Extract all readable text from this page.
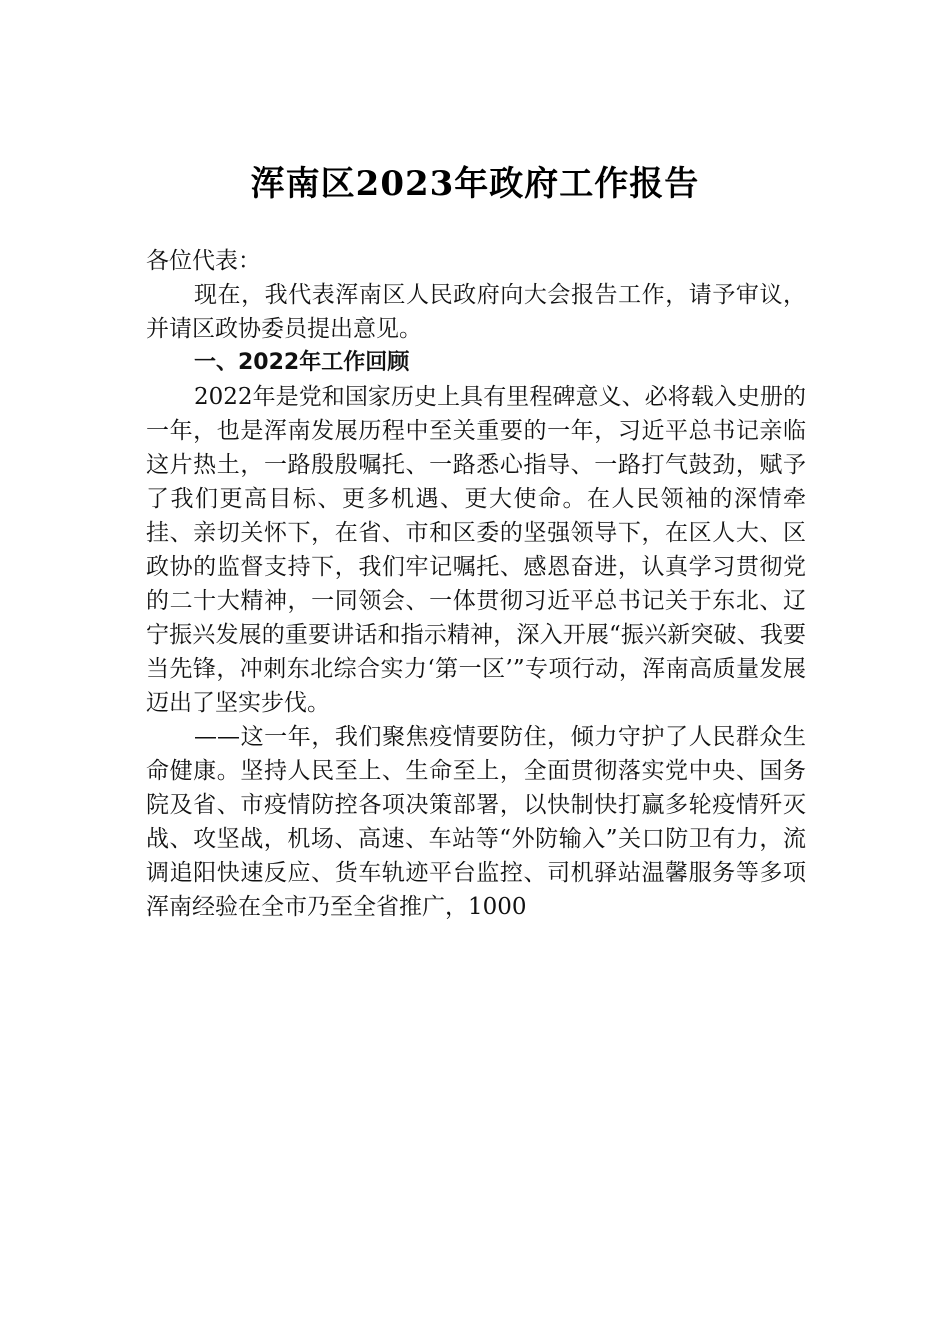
浑南区2023年政府工作报告

各位代表：

现在，我代表浑南区人民政府向大会报告工作，请予审议，并请区政协委员提出意见。

一、2022年工作回顾

2022年是党和国家历史上具有里程碑意义、必将载入史册的一年，也是浑南发展历程中至关重要的一年，习近平总书记亲临这片热土，一路殷殷嘱托、一路悉心指导、一路打气鼓劲，赋予了我们更高目标、更多机遇、更大使命。在人民领袖的深情牵挂、亲切关怀下，在省、市和区委的坚强领导下，在区人大、区政协的监督支持下，我们牢记嘱托、感恩奋进，认真学习贯彻党的二十大精神，一同领会、一体贯彻习近平总书记关于东北、辽宁振兴发展的重要讲话和指示精神，深入开展“振兴新突破、我要当先锋，冲刺东北综合实力‘第一区’”专项行动，浑南高质量发展迈出了坚实步伐。

——这一年，我们聚焦疫情要防住，倾力守护了人民群众生命健康。坚持人民至上、生命至上，全面贯彻落实党中央、国务院及省、市疫情防控各项决策部署，以快制快打赢多轮疫情歼灭战、攻坚战，机场、高速、车站等“外防输入”关口防卫有力，流调追阳快速反应、货车轨迹平台监控、司机驿站温馨服务等多项浑南经验在全市乃至全省推广，1000
